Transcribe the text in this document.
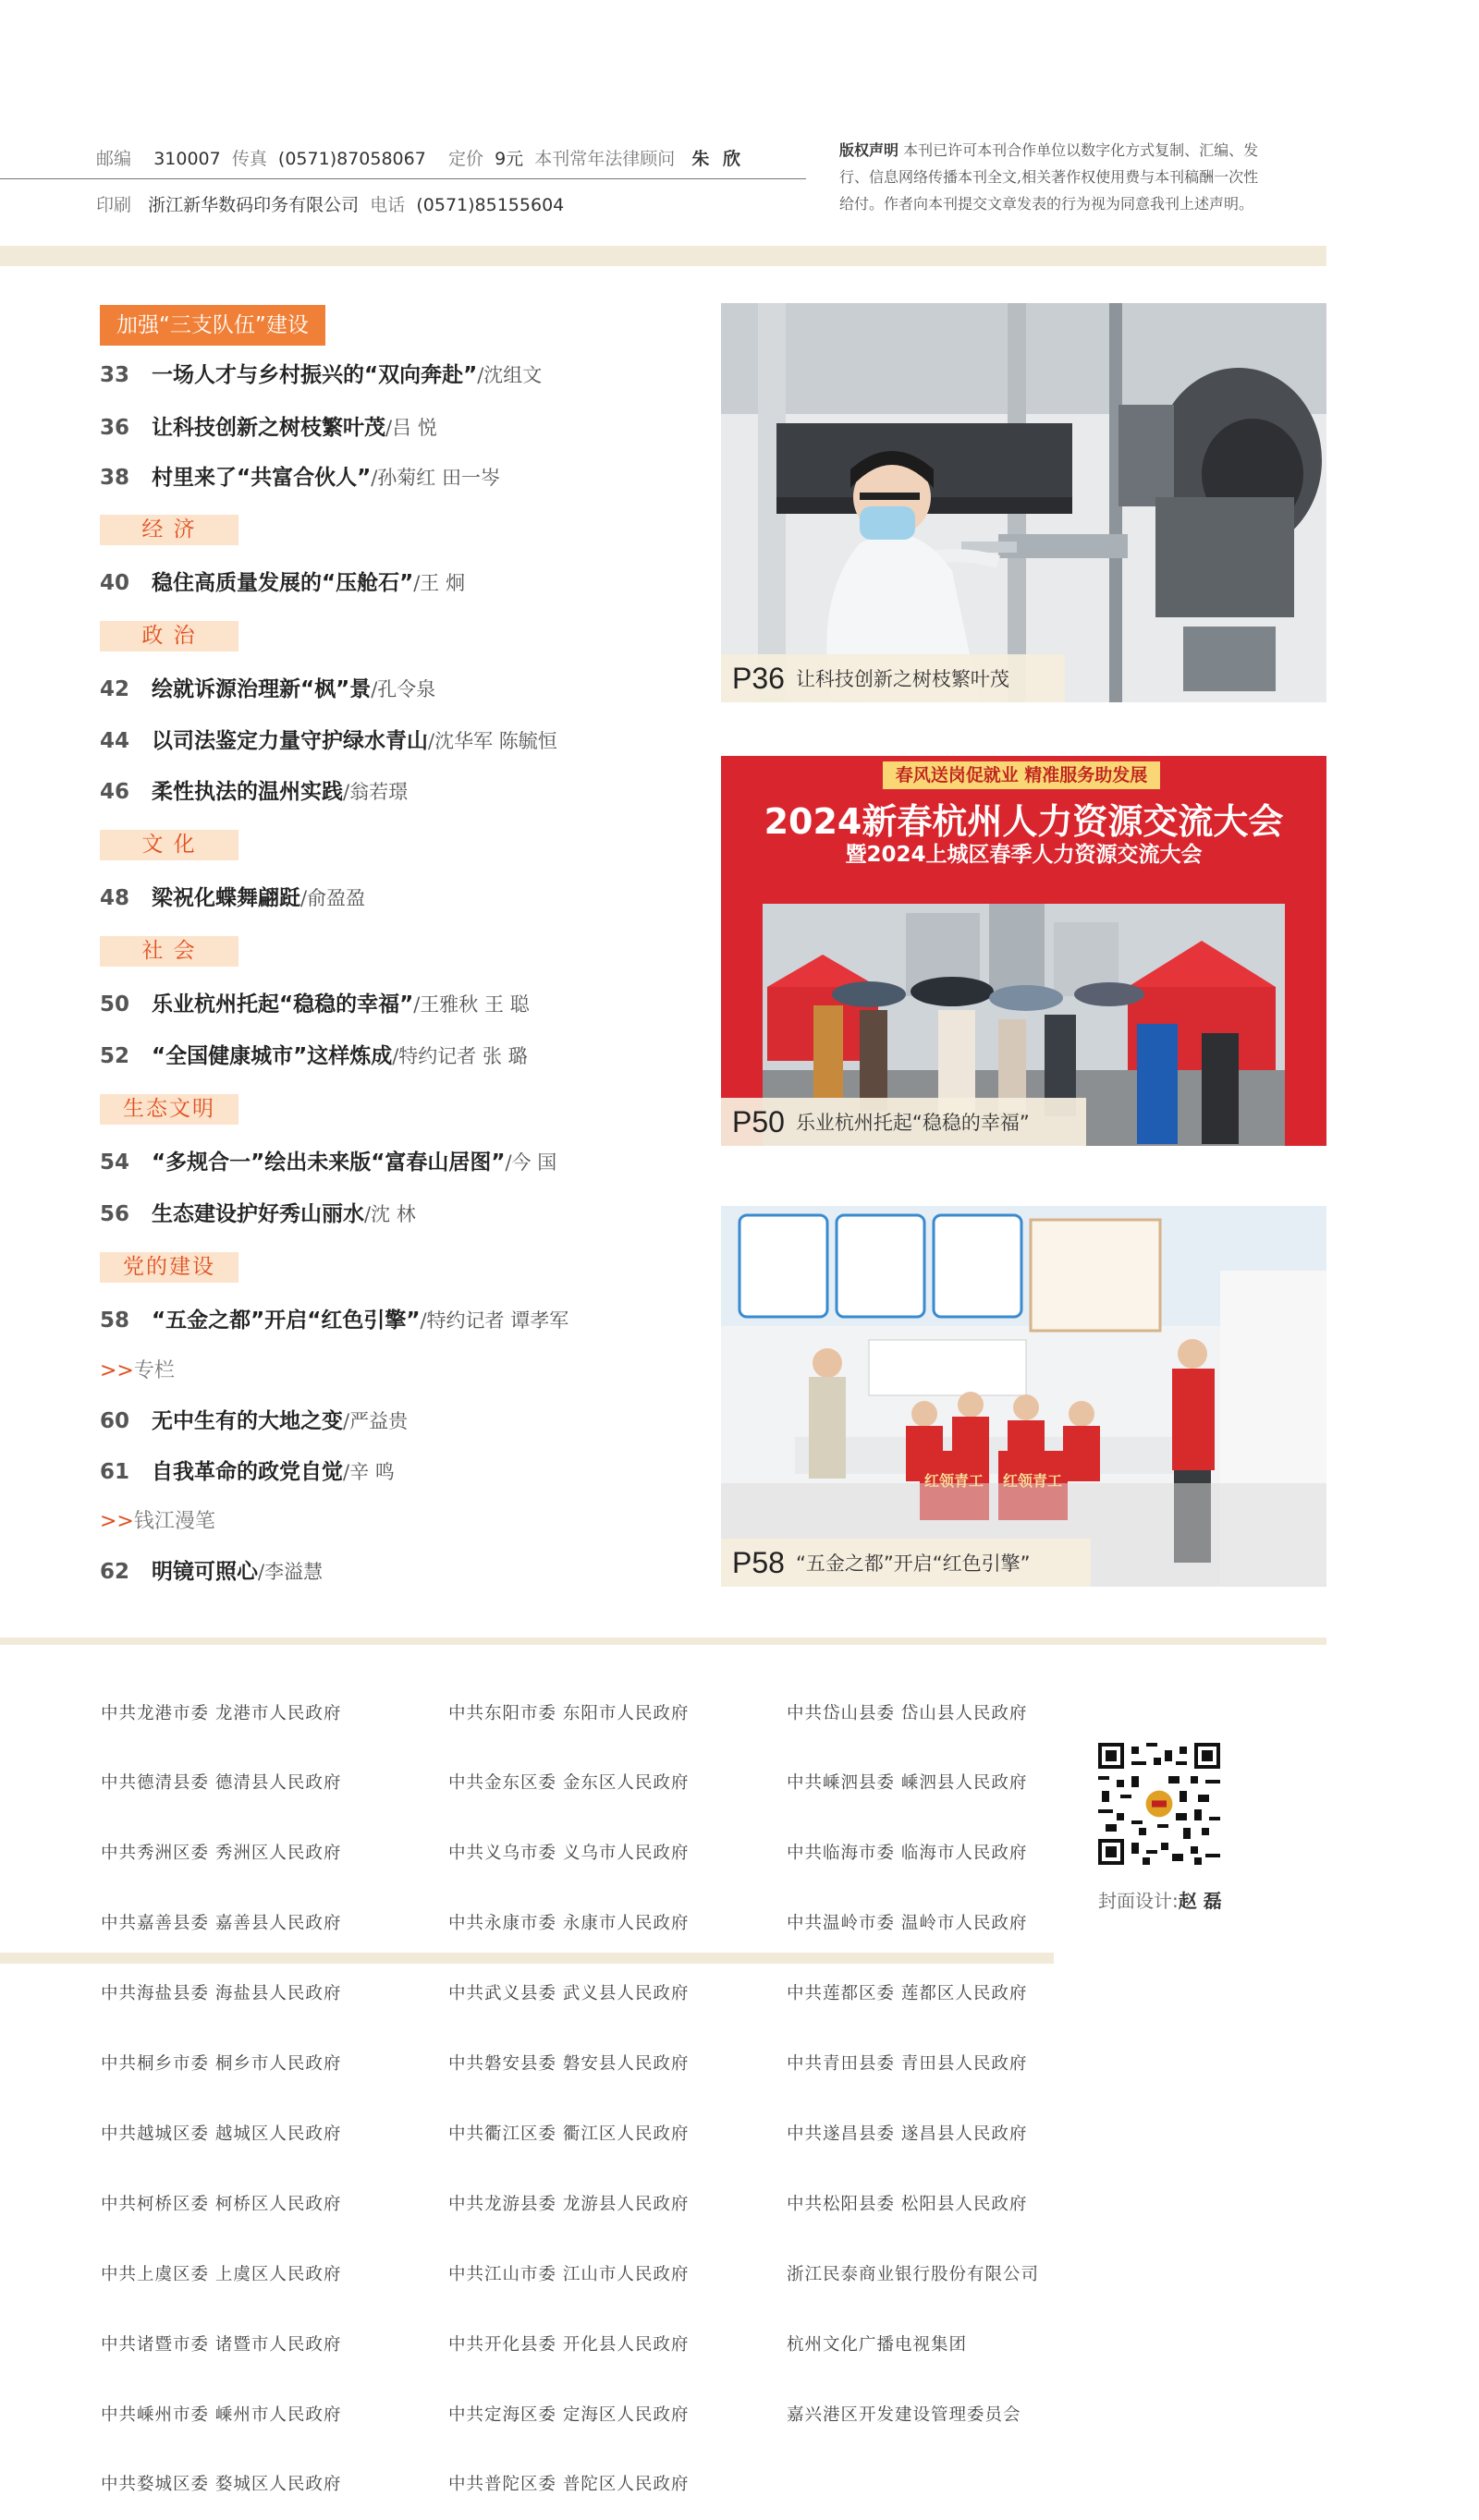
邮编 310007 传真 (0571)87058067 定价 9元 本刊常年法律顾问 朱 欣
印刷 浙江新华数码印务有限公司 电话 (0571)85155604
版权声明 本刊已许可本刊合作单位以数字化方式复制、汇编、发
行、信息网络传播本刊全文,相关著作权使用费与本刊稿酬一次性
给付。作者向本刊提交文章发表的行为视为同意我刊上述声明。
加强“三支队伍”建设
33 一场人才与乡村振兴的“双向奔赴”/沈组文
36 让科技创新之树枝繁叶茂/吕 悦
38 村里来了“共富合伙人”/孙菊红 田一岑
经 济
40 稳住高质量发展的“压舱石”/王 炯
政 治
42 绘就诉源治理新“枫”景/孔令泉
44 以司法鉴定力量守护绿水青山/沈华军 陈毓恒
46 柔性执法的温州实践/翁若璟
文 化
48 梁祝化蝶舞翩跹/俞盈盈
社 会
50 乐业杭州托起“稳稳的幸福”/王雅秋 王 聪
52 “全国健康城市”这样炼成/特约记者 张 璐
生态文明
54 “多规合一”绘出未来版“富春山居图”/今 国
56 生态建设护好秀山丽水/沈 林
党的建设
58 “五金之都”开启“红色引擎”/特约记者 谭孝军
>>专栏
60 无中生有的大地之变/严益贵
61 自我革命的政党自觉/辛 鸣
>>钱江漫笔
62 明镜可照心/李溢慧
P36 让科技创新之树枝繁叶茂
春风送岗促就业 精准服务助发展
2024新春杭州人力资源交流大会
暨2024上城区春季人力资源交流大会
P50 乐业杭州托起“稳稳的幸福”
红领青工 红领青工
P58 “五金之都”开启“红色引擎”

中共龙港市委 龙港市人民政府

中共德清县委 德清县人民政府

中共秀洲区委 秀洲区人民政府

中共嘉善县委 嘉善县人民政府

中共海盐县委 海盐县人民政府

中共桐乡市委 桐乡市人民政府

中共越城区委 越城区人民政府

中共柯桥区委 柯桥区人民政府

中共上虞区委 上虞区人民政府

中共诸暨市委 诸暨市人民政府

中共嵊州市委 嵊州市人民政府

中共婺城区委 婺城区人民政府

中共东阳市委 东阳市人民政府

中共金东区委 金东区人民政府

中共义乌市委 义乌市人民政府

中共永康市委 永康市人民政府

中共武义县委 武义县人民政府

中共磐安县委 磐安县人民政府

中共衢江区委 衢江区人民政府

中共龙游县委 龙游县人民政府

中共江山市委 江山市人民政府

中共开化县委 开化县人民政府

中共定海区委 定海区人民政府

中共普陀区委 普陀区人民政府

中共岱山县委 岱山县人民政府

中共嵊泗县委 嵊泗县人民政府

中共临海市委 临海市人民政府

中共温岭市委 温岭市人民政府

中共莲都区委 莲都区人民政府

中共青田县委 青田县人民政府

中共遂昌县委 遂昌县人民政府

中共松阳县委 松阳县人民政府

浙江民泰商业银行股份有限公司

杭州文化广播电视集团

嘉兴港区开发建设管理委员会

封面设计:赵 磊
